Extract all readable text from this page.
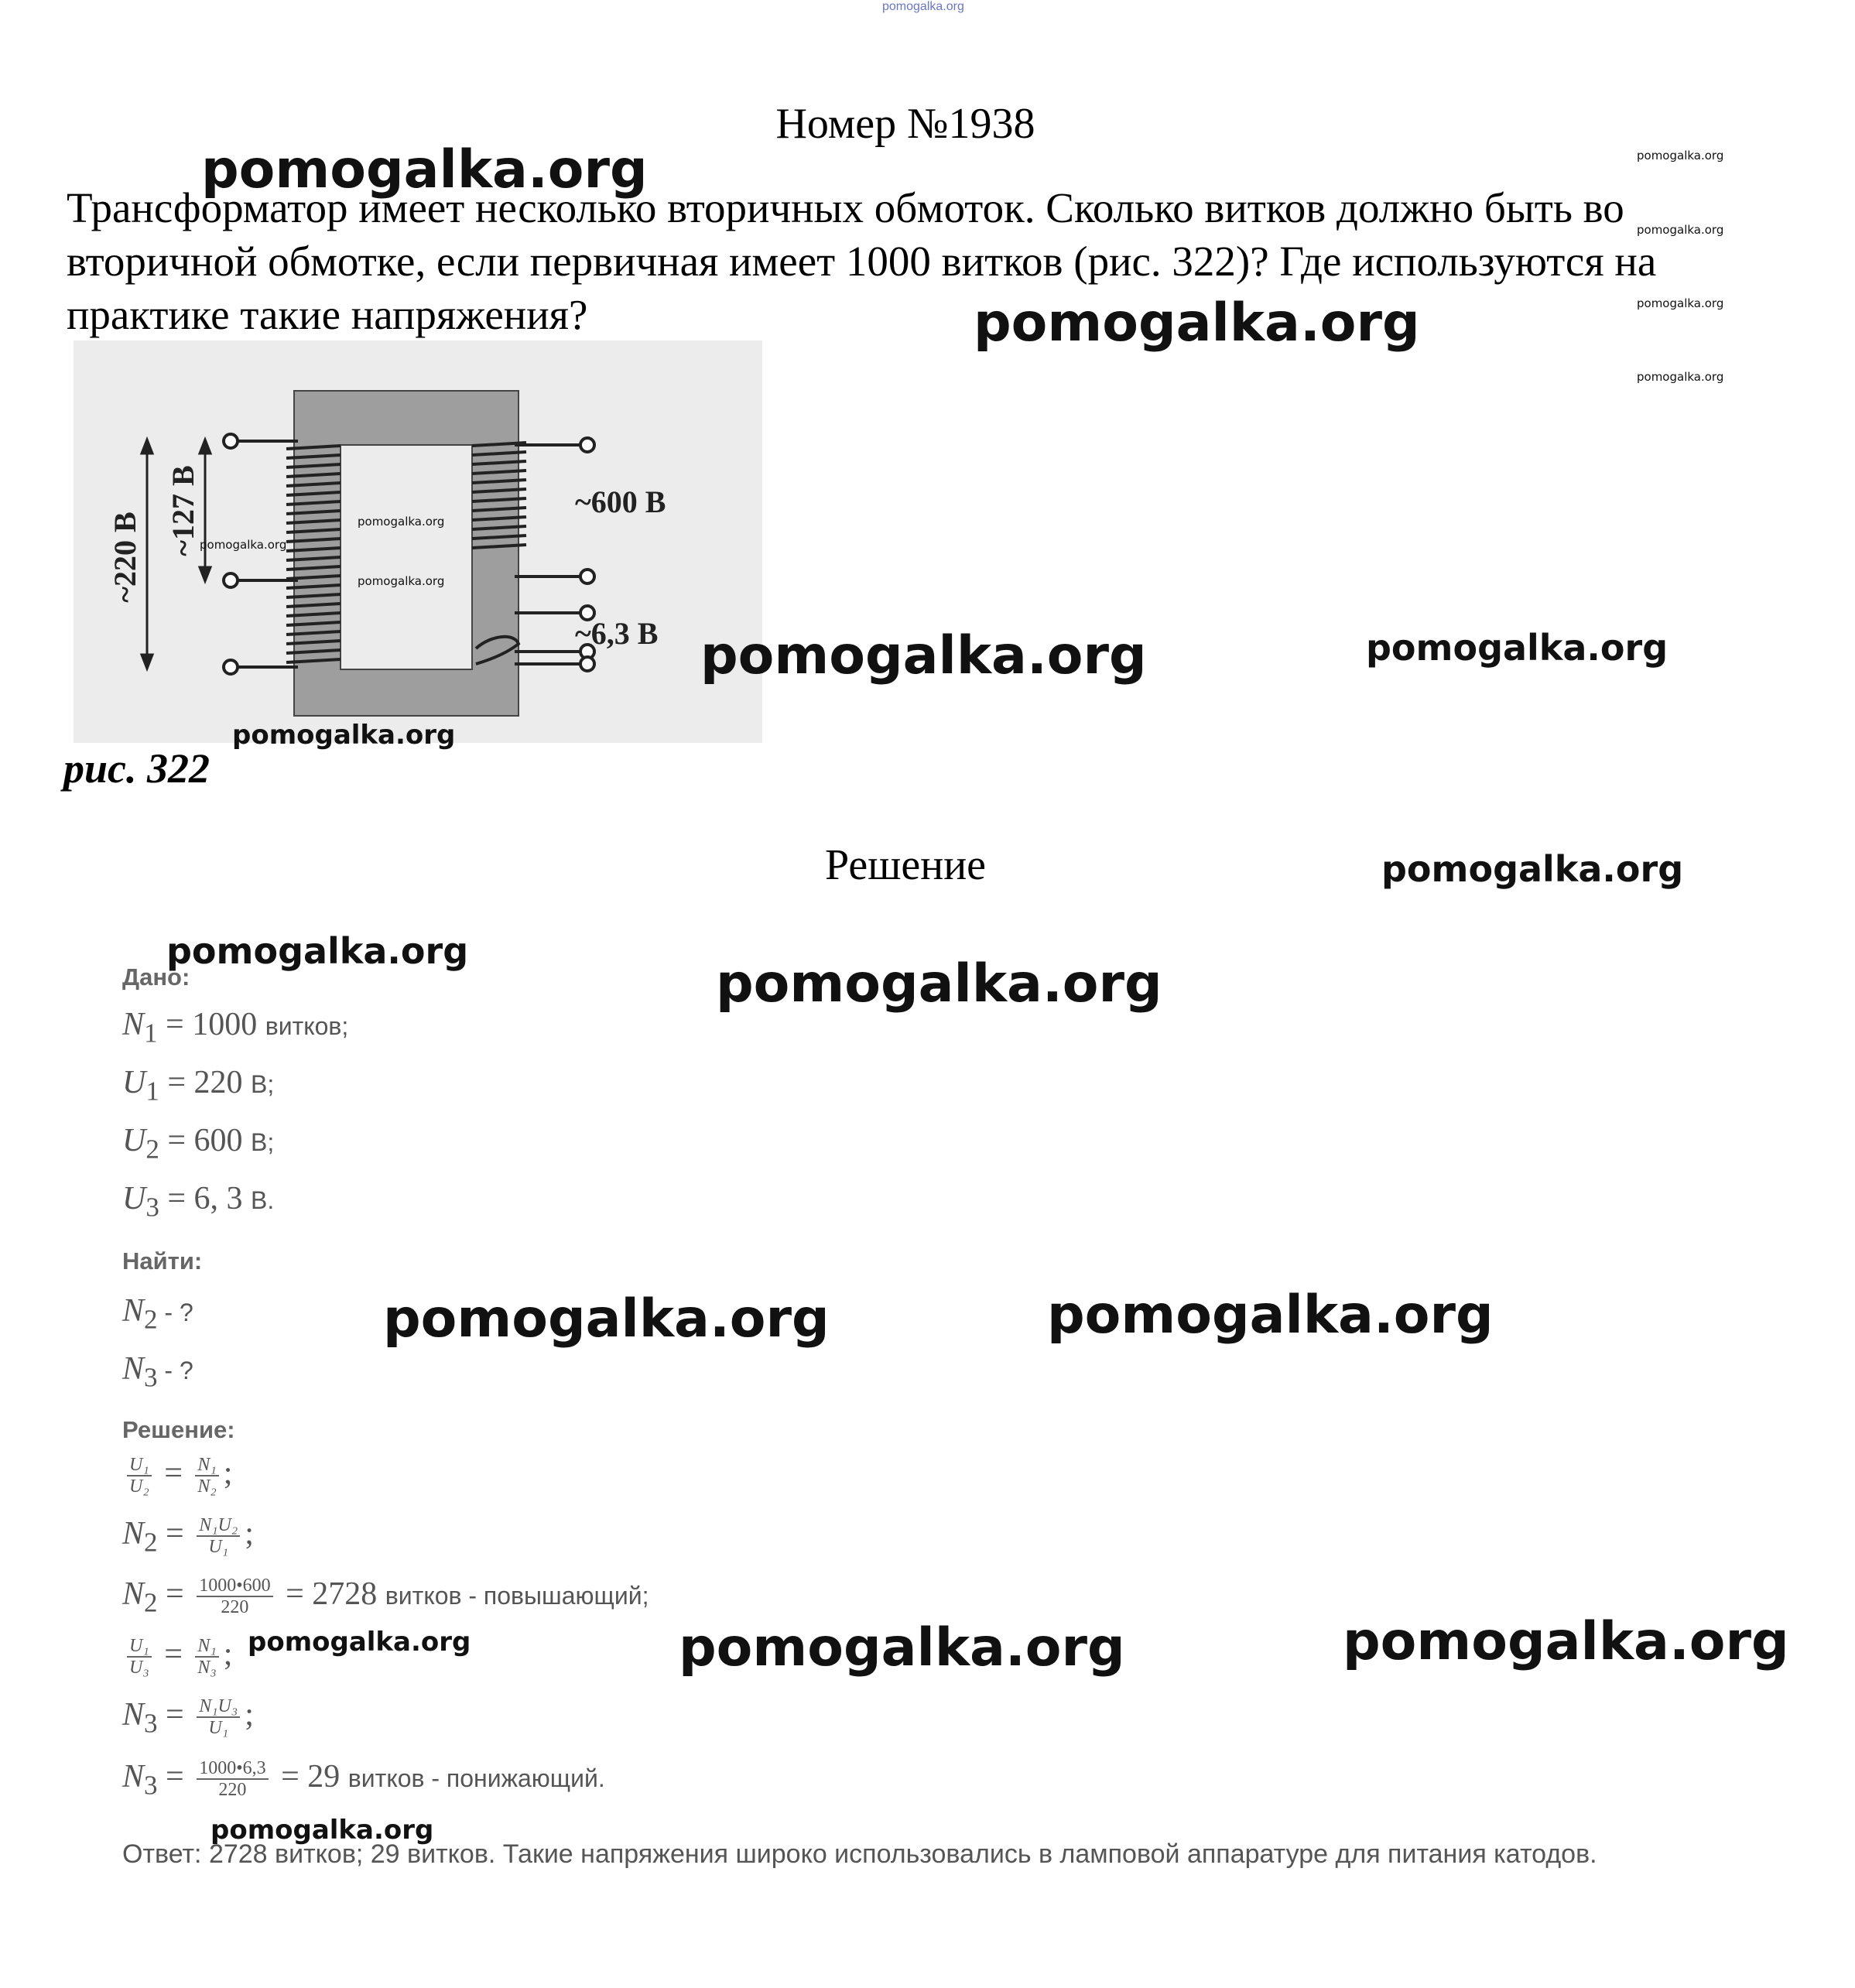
pomogalka.org
Номер №1938
Трансформатор имеет несколько вторичных обмоток. Сколько витков должно быть во вторичной обмотке, если первичная имеет 1000 витков (рис. 322)? Где используются на практике такие напряжения?
~220 В
~127 В	~600 В
~6,3 В
рис. 322
Решение
Дано:
$N_1 = 1000$ витков;
$U_1 = 220$ В;
$U_2 = 600$ В;
$U_3 = 6$, 3 В.
Найти:
$N_2$ - ?
$N_3$ - ?
Решение:
$\frac{\text{U₁}}{\text{U₂}} = \frac{\text{N₁}}{\text{N₂}}$ ;
$N_2 = \frac{\text{N₁U₂}}{\text{U₁}}$ ;
$N_2 = \frac{1000•600}{220} = 2728$ витков - повышающий;
$\frac{\text{U₁}}{\text{U₃}} = \frac{\text{N₁}}{\text{N₃}}$ ;
$N_3 = \frac{\text{N₁U₃}}{\text{U₁}}$ ;
$N_3 = \frac{1000•6,3}{220} = 29$ витков - понижающий.
Ответ: 2728 витков; 29 витков. Такие напряжения широко использовались в ламповой аппаратуре для питания катодов.
pomogalka.org
pomogalka.org
pomogalka.org	pomogalka.org
pomogalka.org
pomogalka.org
pomogalka.org
pomogalka.org
pomogalka.org	pomogalka.org
pomogalka.org	pomogalka.org	pomogalka.org
pomogalka.org
pomogalka.org
pomogalka.org
pomogalka.org
pomogalka.org
pomogalka.org
pomogalka.org
pomogalka.org
